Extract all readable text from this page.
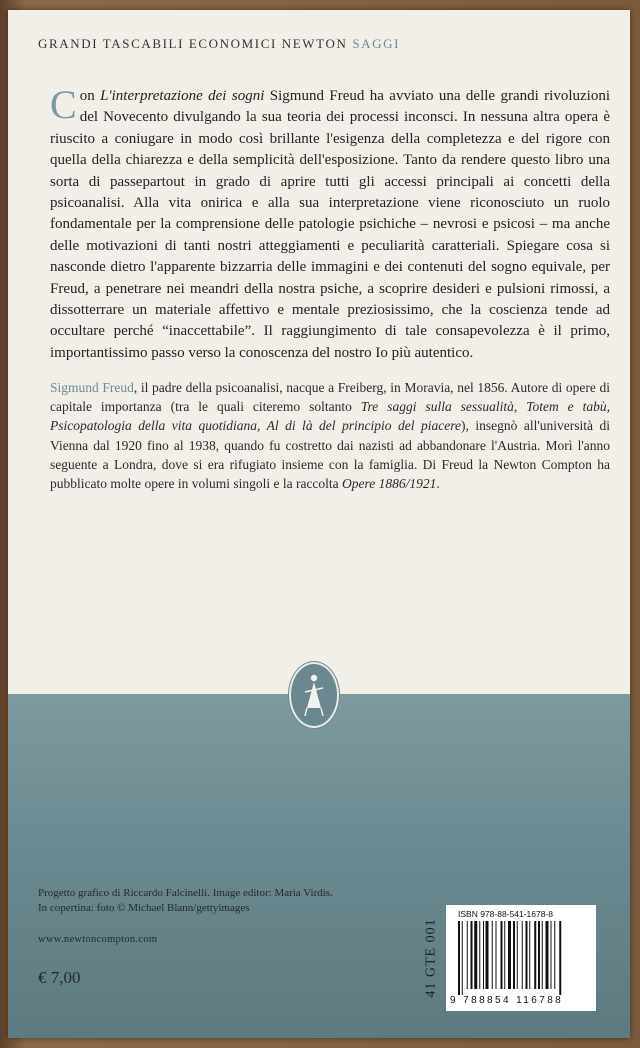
GRANDI TASCABILI ECONOMICI NEWTON SAGGI

Con L'interpretazione dei sogni Sigmund Freud ha avviato una delle grandi rivoluzioni del Novecento divulgando la sua teoria dei processi inconsci. In nessuna altra opera è riuscito a coniugare in modo così brillante l'esigenza della completezza e del rigore con quella della chiarezza e della semplicità dell'esposizione. Tanto da rendere questo libro una sorta di passepartout in grado di aprire tutti gli accessi principali ai concetti della psicoanalisi. Alla vita onirica e alla sua interpretazione viene riconosciuto un ruolo fondamentale per la comprensione delle patologie psichiche – nevrosi e psicosi – ma anche delle motivazioni di tanti nostri atteggiamenti e peculiarità caratteriali. Spiegare cosa si nasconde dietro l'apparente bizzarria delle immagini e dei contenuti del sogno equivale, per Freud, a penetrare nei meandri della nostra psiche, a scoprire desideri e pulsioni rimossi, a dissotterrare un materiale affettivo e mentale preziosissimo, che la coscienza tende ad occultare perché “inaccettabile”. Il raggiungimento di tale consapevolezza è il primo, importantissimo passo verso la conoscenza del nostro Io più autentico.

Sigmund Freud, il padre della psicoanalisi, nacque a Freiberg, in Moravia, nel 1856. Autore di opere di capitale importanza (tra le quali citeremo soltanto Tre saggi sulla sessualità, Totem e tabù, Psicopatologia della vita quotidiana, Al di là del principio del piacere), insegnò all'università di Vienna dal 1920 fino al 1938, quando fu costretto dai nazisti ad abbandonare l'Austria. Morì l'anno seguente a Londra, dove si era rifugiato insieme con la famiglia. Di Freud la Newton Compton ha pubblicato molte opere in volumi singoli e la raccolta Opere 1886/1921.

Progetto grafico di Riccardo Falcinelli. Image editor: Maria Virdis.
In copertina: foto © Michael Blann/gettyimages
www.newtoncompton.com
€ 7,00	41 GTE 001
ISBN 978-88-541-1678-8
9 788854 116788
